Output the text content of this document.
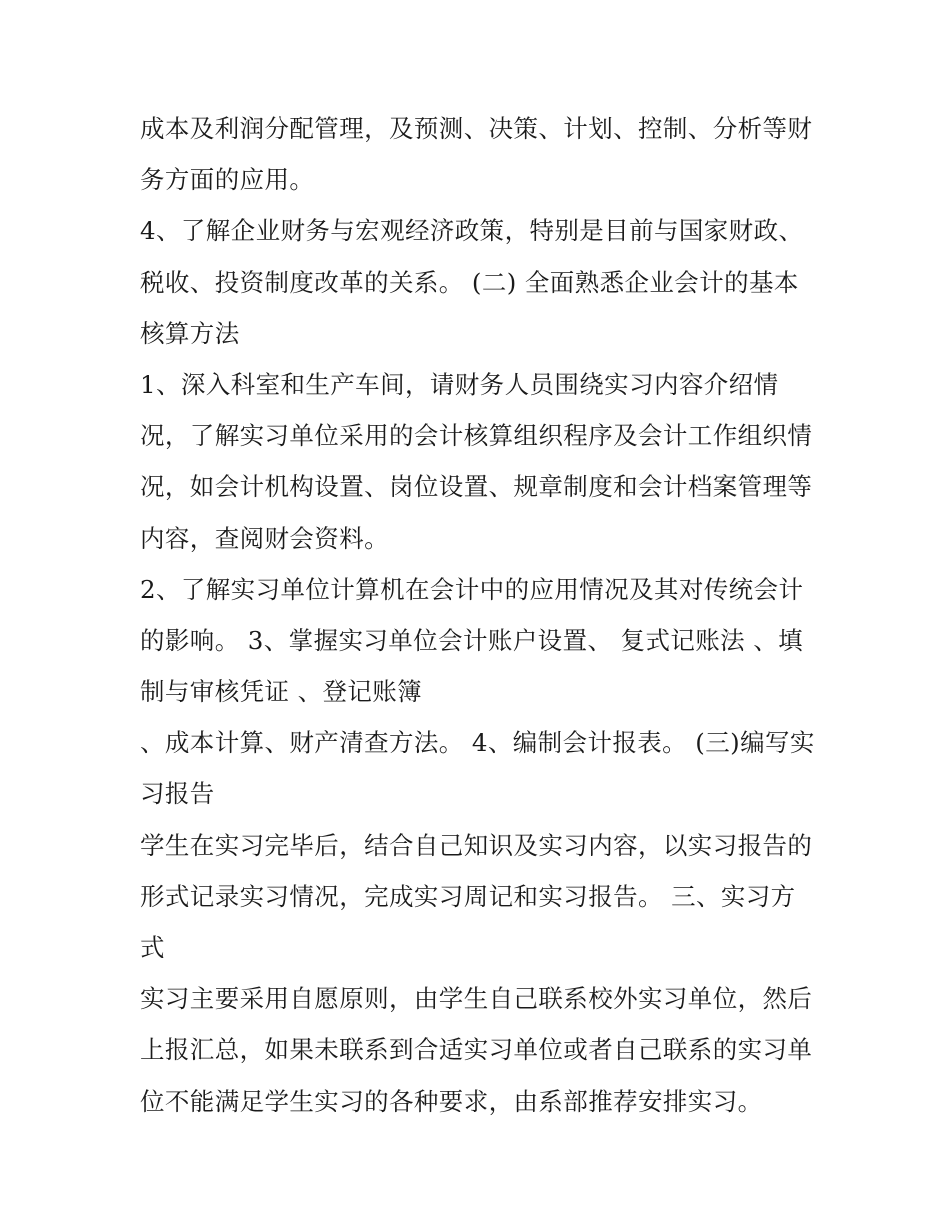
成本及利润分配管理，及预测、决策、计划、控制、分析等财
务方面的应用。
4、了解企业财务与宏观经济政策，特别是目前与国家财政、
税收、投资制度改革的关系。 (二) 全面熟悉企业会计的基本
核算方法
1、深入科室和生产车间，请财务人员围绕实习内容介绍情
况，了解实习单位采用的会计核算组织程序及会计工作组织情
况，如会计机构设置、岗位设置、规章制度和会计档案管理等
内容，查阅财会资料。
2、了解实习单位计算机在会计中的应用情况及其对传统会计
的影响。 3、掌握实习单位会计账户设置、 复式记账法 、填
制与审核凭证 、登记账簿
、成本计算、财产清查方法。 4、编制会计报表。 (三)编写实
习报告
学生在实习完毕后，结合自己知识及实习内容，以实习报告的
形式记录实习情况，完成实习周记和实习报告。 三、实习方
式
实习主要采用自愿原则，由学生自己联系校外实习单位，然后
上报汇总，如果未联系到合适实习单位或者自己联系的实习单
位不能满足学生实习的各种要求，由系部推荐安排实习。
